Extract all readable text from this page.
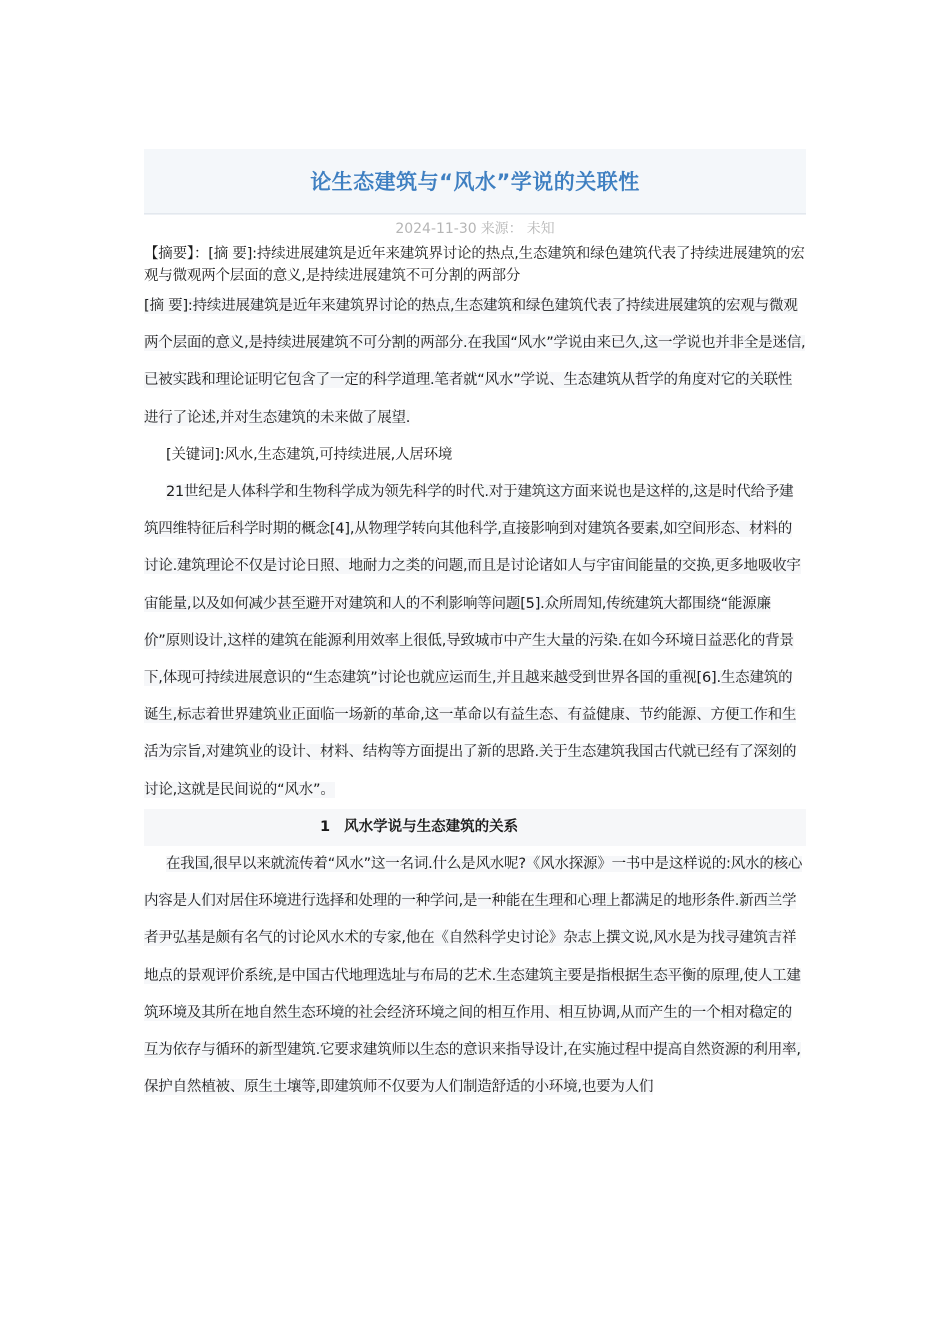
论生态建筑与“风水”学说的关联性
2024-11-30 来源： 未知

【摘要】：[摘 要]:持续进展建筑是近年来建筑界讨论的热点,生态建筑和绿色建筑代表了持续进展建筑的宏观与微观两个层面的意义,是持续进展建筑不可分割的两部分

[摘 要]:持续进展建筑是近年来建筑界讨论的热点,生态建筑和绿色建筑代表了持续进展建筑的宏观与微观两个层面的意义,是持续进展建筑不可分割的两部分.在我国“风水”学说由来已久,这一学说也并非全是迷信,已被实践和理论证明它包含了一定的科学道理.笔者就“风水”学说、生态建筑从哲学的角度对它的关联性进行了论述,并对生态建筑的未来做了展望.

[关键词]:风水,生态建筑,可持续进展,人居环境

21世纪是人体科学和生物科学成为领先科学的时代.对于建筑这方面来说也是这样的,这是时代给予建筑四维特征后科学时期的概念[4],从物理学转向其他科学,直接影响到对建筑各要素,如空间形态、材料的讨论.建筑理论不仅是讨论日照、地耐力之类的问题,而且是讨论诸如人与宇宙间能量的交换,更多地吸收宇宙能量,以及如何减少甚至避开对建筑和人的不利影响等问题[5].众所周知,传统建筑大都围绕“能源廉价”原则设计,这样的建筑在能源利用效率上很低,导致城市中产生大量的污染.在如今环境日益恶化的背景下,体现可持续进展意识的“生态建筑”讨论也就应运而生,并且越来越受到世界各国的重视[6].生态建筑的诞生,标志着世界建筑业正面临一场新的革命,这一革命以有益生态、有益健康、节约能源、方便工作和生活为宗旨,对建筑业的设计、材料、结构等方面提出了新的思路.关于生态建筑我国古代就已经有了深刻的讨论,这就是民间说的“风水”。

1 风水学说与生态建筑的关系

在我国,很早以来就流传着“风水”这一名词.什么是风水呢?《风水探源》一书中是这样说的:风水的核心内容是人们对居住环境进行选择和处理的一种学问,是一种能在生理和心理上都满足的地形条件.新西兰学者尹弘基是颇有名气的讨论风水术的专家,他在《自然科学史讨论》杂志上撰文说,风水是为找寻建筑吉祥地点的景观评价系统,是中国古代地理选址与布局的艺术.生态建筑主要是指根据生态平衡的原理,使人工建筑环境及其所在地自然生态环境的社会经济环境之间的相互作用、相互协调,从而产生的一个相对稳定的互为依存与循环的新型建筑.它要求建筑师以生态的意识来指导设计,在实施过程中提高自然资源的利用率,保护自然植被、原生土壤等,即建筑师不仅要为人们制造舒适的小环境,也要为人们
